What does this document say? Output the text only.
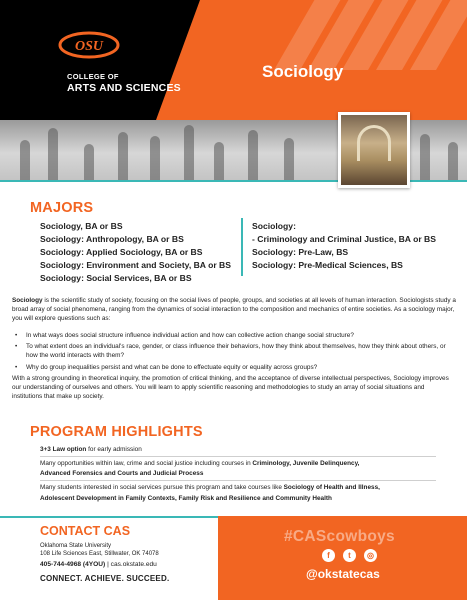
OSU
COLLEGE OF
ARTS AND SCIENCES
Sociology
MAJORS
Sociology, BA or BS
Sociology: Anthropology, BA or BS
Sociology: Applied Sociology, BA or BS
Sociology: Environment and Society, BA or BS
Sociology: Social Services, BA or BS
Sociology:
- Criminology and Criminal Justice, BA or BS
Sociology: Pre-Law, BS
Sociology: Pre-Medical Sciences, BS
Sociology is the scientific study of society, focusing on the social lives of people, groups, and societies at all levels of human interaction. Sociologists study a broad array of social phenomena, ranging from the dynamics of social interaction to the composition and mechanics of entire societies. As a sociology major, you will explore questions such as:
• In what ways does social structure influence individual action and how can collective action change social structure?
• To what extent does an individual's race, gender, or class influence their behaviors, how they think about themselves, how they think about others, or how the world interacts with them?
• Why do group inequalities persist and what can be done to effectuate equity or equality across groups?
With a strong grounding in theoretical inquiry, the promotion of critical thinking, and the acceptance of diverse intellectual perspectives, Sociology improves our understanding of ourselves and others. You will learn to apply scientific reasoning and methodologies to study an array of social situations and institutions that make up society.
PROGRAM HIGHLIGHTS
3+3 Law option for early admission
Many opportunities within law, crime and social justice including courses in Criminology, Juvenile Delinquency,
Advanced Forensics and Courts and Judicial Process
Many students interested in social services pursue this program and take courses like Sociology of Health and Illness,
Adolescent Development in Family Contexts, Family Risk and Resilience and Community Health
CONTACT CAS
Oklahoma State University
108 Life Sciences East, Stillwater, OK 74078
405-744-4968 (4YOU) | cas.okstate.edu
CONNECT. ACHIEVE. SUCCEED.
#CAScowboys
f	t	◎
@okstatecas
